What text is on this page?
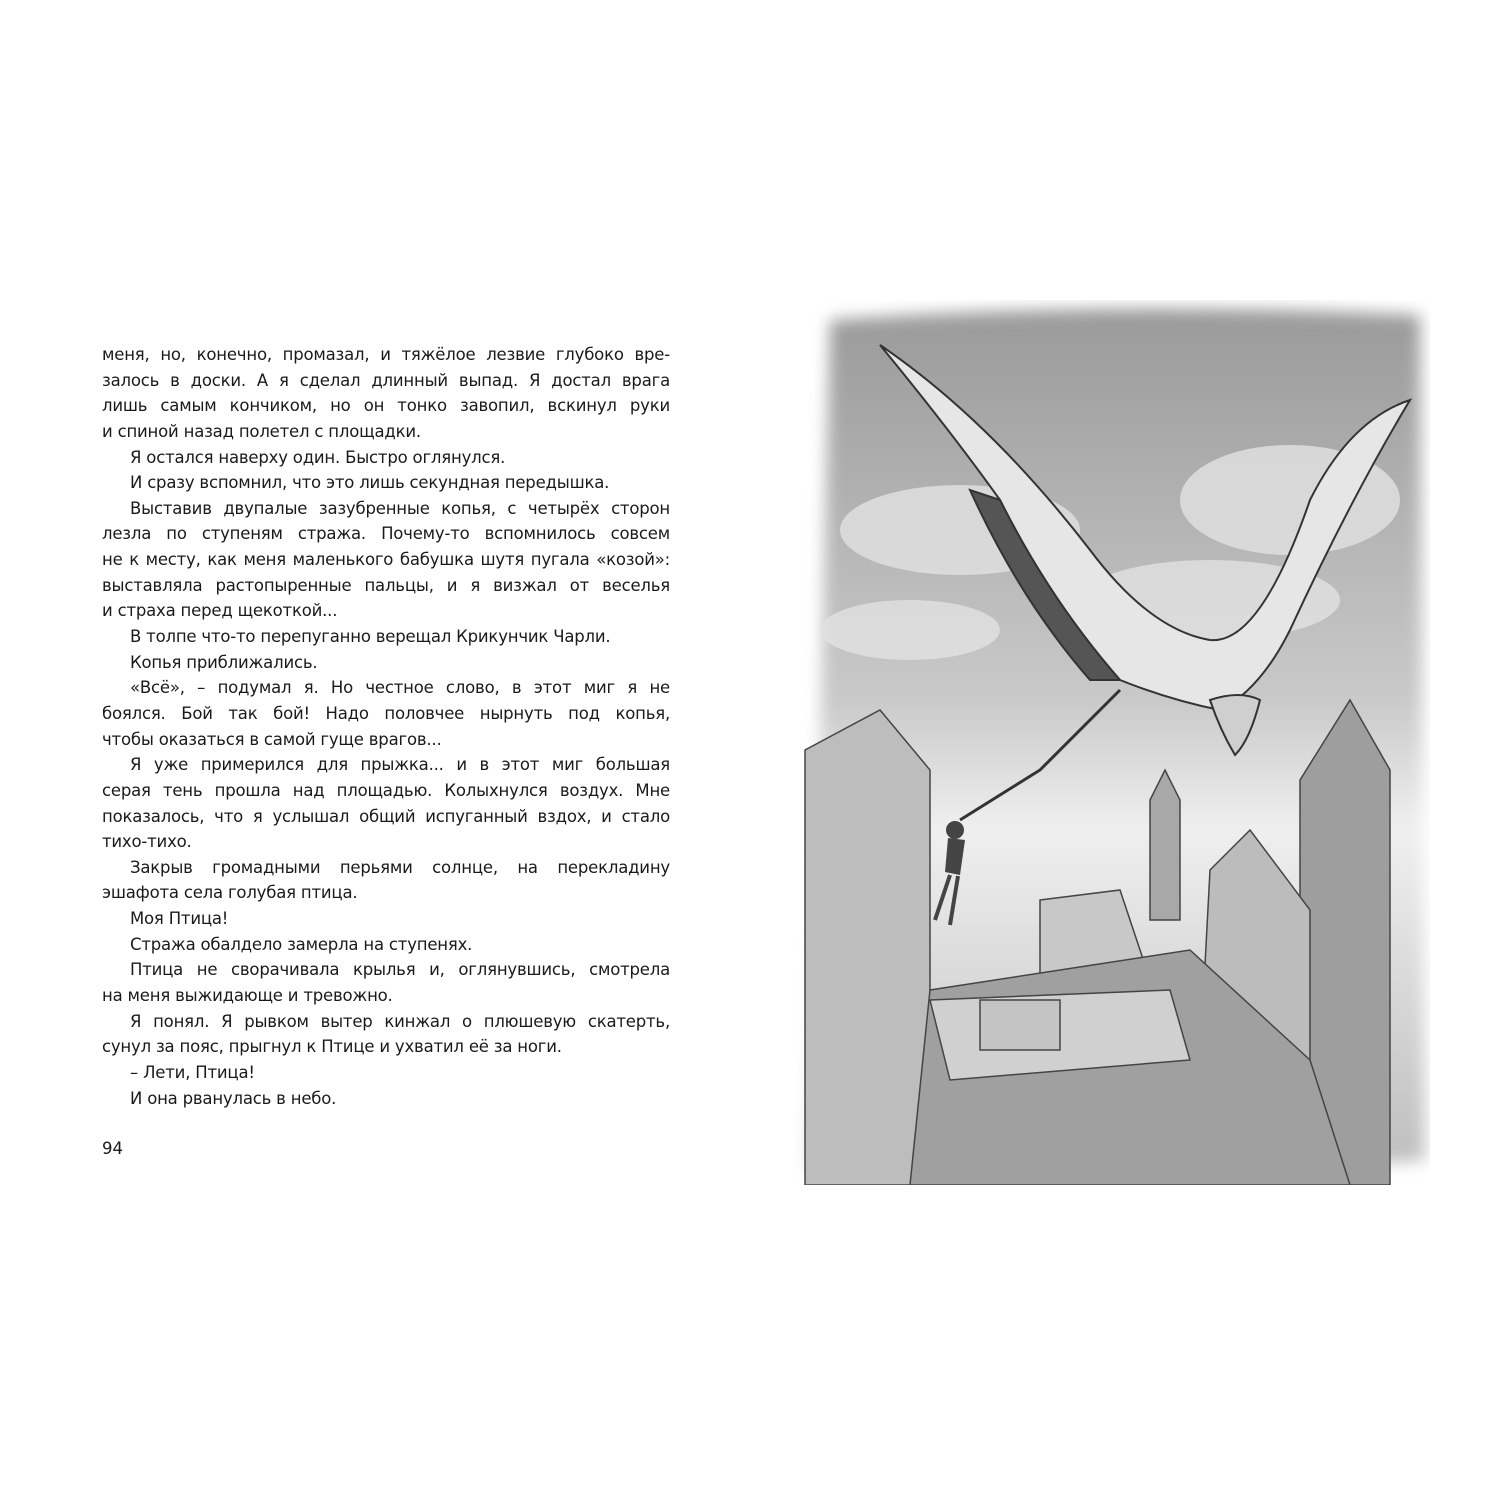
меня, но, конечно, промазал, и тяжёлое лезвие глубоко вре-
залось в доски. А я сделал длинный выпад. Я достал врага
лишь самым кончиком, но он тонко завопил, вскинул руки
и спиной назад полетел с площадки.
Я остался наверху один. Быстро оглянулся.
И сразу вспомнил, что это лишь секундная передышка.
Выставив двупалые зазубренные копья, с четырёх сторон
лезла по ступеням стража. Почему-то вспомнилось совсем
не к месту, как меня маленького бабушка шутя пугала «козой»:
выставляла растопыренные пальцы, и я визжал от веселья
и страха перед щекоткой...
В толпе что-то перепуганно верещал Крикунчик Чарли.
Копья приближались.
«Всё», – подумал я. Но честное слово, в этот миг я не
боялся. Бой так бой! Надо половчее нырнуть под копья,
чтобы оказаться в самой гуще врагов...
Я уже примерился для прыжка... и в этот миг большая
серая тень прошла над площадью. Колыхнулся воздух. Мне
показалось, что я услышал общий испуганный вздох, и стало
тихо-тихо.
Закрыв громадными перьями солнце, на перекладину
эшафота села голубая птица.
Моя Птица!
Стража обалдело замерла на ступенях.
Птица не сворачивала крылья и, оглянувшись, смотрела
на меня выжидающе и тревожно.
Я понял. Я рывком вытер кинжал о плюшевую скатерть,
сунул за пояс, прыгнул к Птице и ухватил её за ноги.
– Лети, Птица!
И она рванулась в небо.
94
